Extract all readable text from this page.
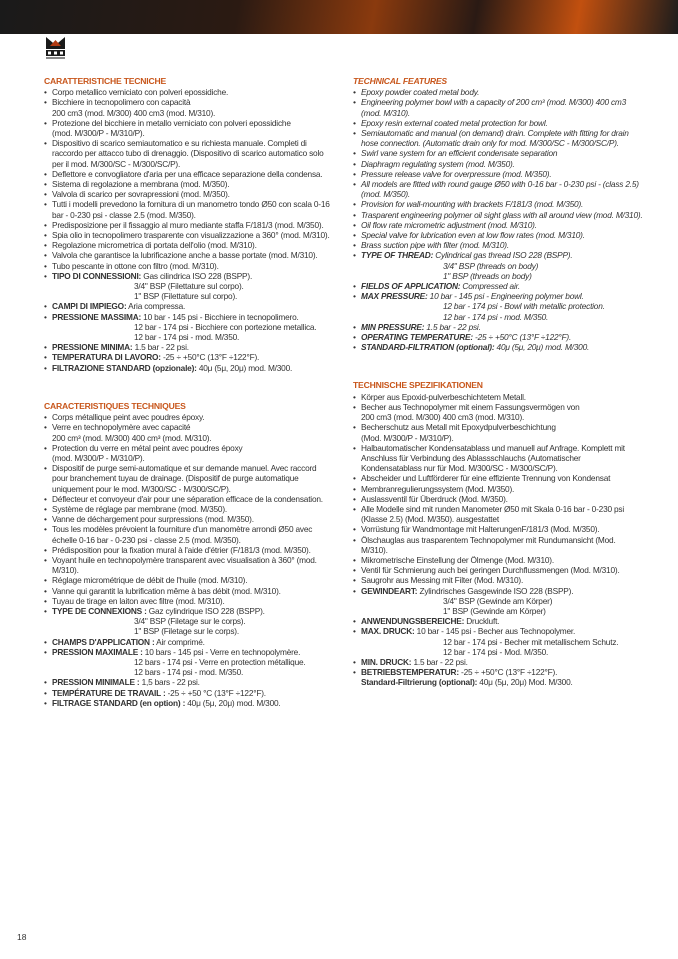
CARATTERISTICHE TECNICHE
• Corpo metallico verniciato con polveri epossidiche.
• Bicchiere in tecnopolimero con capacità
200 cm3 (mod. M/300) 400 cm3 (mod. M/310).
• Protezione del bicchiere in metallo verniciato con polveri epossidiche
(mod. M/300/P - M/310/P).
• Dispositivo di scarico semiautomatico e su richiesta manuale. Completi di raccordo per attacco tubo di drenaggio. (Dispositivo di scarico automatico solo per il mod. M/300/SC - M/300/SC/P).
• Deflettore e convogliatore d'aria per una efficace separazione della condensa.
• Sistema di regolazione a membrana (mod. M/350).
• Valvola di scarico per sovrapressioni (mod. M/350).
• Tutti i modelli prevedono la fornitura di un manometro tondo Ø50 con scala 0-16 bar - 0-230 psi - classe 2.5 (mod. M/350).
• Predisposizione per il fissaggio al muro mediante staffa F/181/3 (mod. M/350).
• Spia olio in tecnopolimero trasparente con visualizzazione a 360° (mod. M/310).
• Regolazione micrometrica di portata dell'olio (mod. M/310).
• Valvola che garantisce la lubrificazione anche a basse portate (mod. M/310).
• Tubo pescante in ottone con filtro (mod. M/310).
• TIPO DI CONNESSIONI: Gas cilindrica ISO 228 (BSPP).
3/4" BSP (Filettature sul corpo).
1" BSP (Filettature sul corpo).
• CAMPI DI IMPIEGO: Aria compressa.
• PRESSIONE MASSIMA: 10 bar - 145 psi - Bicchiere in tecnopolimero.
12 bar - 174 psi - Bicchiere con portezione metallica.
12 bar - 174 psi - mod. M/350.
• PRESSIONE MINIMA: 1.5 bar - 22 psi.
• TEMPERATURA DI LAVORO: -25 ÷ +50°C (13°F ÷122°F).
• FILTRAZIONE STANDARD (opzionale): 40μ (5μ, 20μ) mod. M/300.
CARACTERISTIQUES TECHNIQUES
• Corps métallique peint avec poudres époxy.
• Verre en technopolymère avec capacité
200 cm³ (mod. M/300) 400 cm³ (mod. M/310).
• Protection du verre en métal peint avec poudres époxy
(mod. M/300/P - M/310/P).
• Dispositif de purge semi-automatique et sur demande manuel. Avec raccord pour branchement tuyau de drainage. (Dispositif de purge automatique uniquement pour le mod. M/300/SC - M/300/SC/P).
• Déflecteur et convoyeur d'air pour une séparation efficace de la condensation.
• Système de réglage par membrane (mod. M/350).
• Vanne de déchargement pour surpressions (mod. M/350).
• Tous les modèles prévoient la fourniture d'un manomètre arrondi Ø50 avec échelle 0-16 bar - 0-230 psi - classe 2.5 (mod. M/350).
• Prédisposition pour la fixation mural à l'aide d'étrier (F/181/3 (mod. M/350).
• Voyant huile en technopolymère transparent avec visualisation à 360° (mod. M/310).
• Réglage micrométrique de débit de l'huile (mod. M/310).
• Vanne qui garantit la lubrification même à bas débit (mod. M/310).
• Tuyau de tirage en laiton avec filtre (mod. M/310).
• TYPE DE CONNEXIONS : Gaz cylindrique ISO 228 (BSPP).
3/4" BSP (Filetage sur le corps).
1" BSP (Filetage sur le corps).
• CHAMPS D'APPLICATION : Air comprimé.
• PRESSION MAXIMALE : 10 bars - 145 psi - Verre en technopolymère.
12 bars - 174 psi - Verre en protection métallique.
12 bars - 174 psi - mod. M/350.
• PRESSION MINIMALE : 1,5 bars - 22 psi.
• TEMPÉRATURE DE TRAVAIL : -25 ÷ +50 °C (13°F ÷122°F).
• FILTRAGE STANDARD (en option) : 40μ (5μ, 20μ) mod. M/300.
TECHNICAL FEATURES
• Epoxy powder coated metal body.
• Engineering polymer bowl with a capacity of 200 cm³ (mod. M/300) 400 cm3 (mod. M/310).
• Epoxy resin external coated metal protection for bowl.
• Semiautomatic and manual (on demand) drain. Complete with fitting for drain hose connection. (Automatic drain only for mod. M/300/SC - M/300/SC/P).
• Swirl vane system for an efficient condensate separation
• Diaphragm regulating system (mod. M/350).
• Pressure release valve for overpressure (mod. M/350).
• All models are fitted with round gauge Ø50 with 0-16 bar - 0-230 psi - (class 2.5) (mod. M/350).
• Provision for wall-mounting with brackets F/181/3 (mod. M/350).
• Trasparent engineering polymer oil sight glass with all around view (mod. M/310).
• Oil flow rate micrometric adjustment (mod. M/310).
• Special valve for lubrication even at low flow rates (mod. M/310).
• Brass suction pipe with filter (mod. M/310).
• TYPE OF THREAD: Cylindrical gas thread ISO 228 (BSPP).
3/4" BSP (threads on body)
1" BSP (threads on body)
• FIELDS OF APPLICATION: Compressed air.
• MAX PRESSURE: 10 bar - 145 psi - Engineering polymer bowl.
12 bar - 174 psi - Bowl with metallic protection.
12 bar - 174 psi - mod. M/350.
• MIN PRESSURE: 1.5 bar - 22 psi.
• OPERATING TEMPERATURE: -25 ÷ +50°C (13°F ÷122°F).
• STANDARD-FILTRATION (optional): 40μ (5μ, 20μ) mod. M/300.
TECHNISCHE SPEZIFIKATIONEN
• Körper aus Epoxid-pulverbeschichtetem Metall.
• Becher aus Technopolymer mit einem Fassungsvermögen von
200 cm3 (mod. M/300) 400 cm3 (mod. M/310).
• Becherschutz aus Metall mit Epoxydpulverbeschichtung
(Mod. M/300/P - M/310/P).
• Halbautomatischer Kondensatablass und manuell auf Anfrage. Komplett mit Anschluss für Verbindung des Ablassschlauchs (Automatischer Kondensatablass nur für Mod. M/300/SC - M/300/SC/P).
• Abscheider und Luftförderer für eine effiziente Trennung von Kondensat
• Membranregulierungssystem (Mod. M/350).
• Auslassventil für Überdruck (Mod. M/350).
• Alle Modelle sind mit runden Manometer Ø50 mit Skala 0-16 bar - 0-230 psi (Klasse 2.5) (Mod. M/350). ausgestattet
• Vorrüstung für Wandmontage mit HalterungenF/181/3 (Mod. M/350).
• Ölschauglas aus trasparentem Technopolymer mit Rundumansicht (Mod. M/310).
• Mikrometrische Einstellung der Ölmenge (Mod. M/310).
• Ventil für Schmierung auch bei geringen Durchflussmengen (Mod. M/310).
• Saugrohr aus Messing mit Filter (Mod. M/310).
• GEWINDEART: Zylindrisches Gasgewinde ISO 228 (BSPP).
3/4" BSP (Gewinde am Körper)
1" BSP (Gewinde am Körper)
• ANWENDUNGSBEREICHE: Druckluft.
• MAX. DRUCK: 10 bar - 145 psi - Becher aus Technopolymer.
12 bar - 174 psi - Becher mit metallischem Schutz.
12 bar - 174 psi - Mod. M/350.
• MIN. DRUCK: 1.5 bar - 22 psi.
• BETRIEBSTEMPERATUR: -25 ÷ +50°C (13°F ÷122°F).
Standard-Filtrierung (optional): 40μ (5μ, 20μ) Mod. M/300.
18
